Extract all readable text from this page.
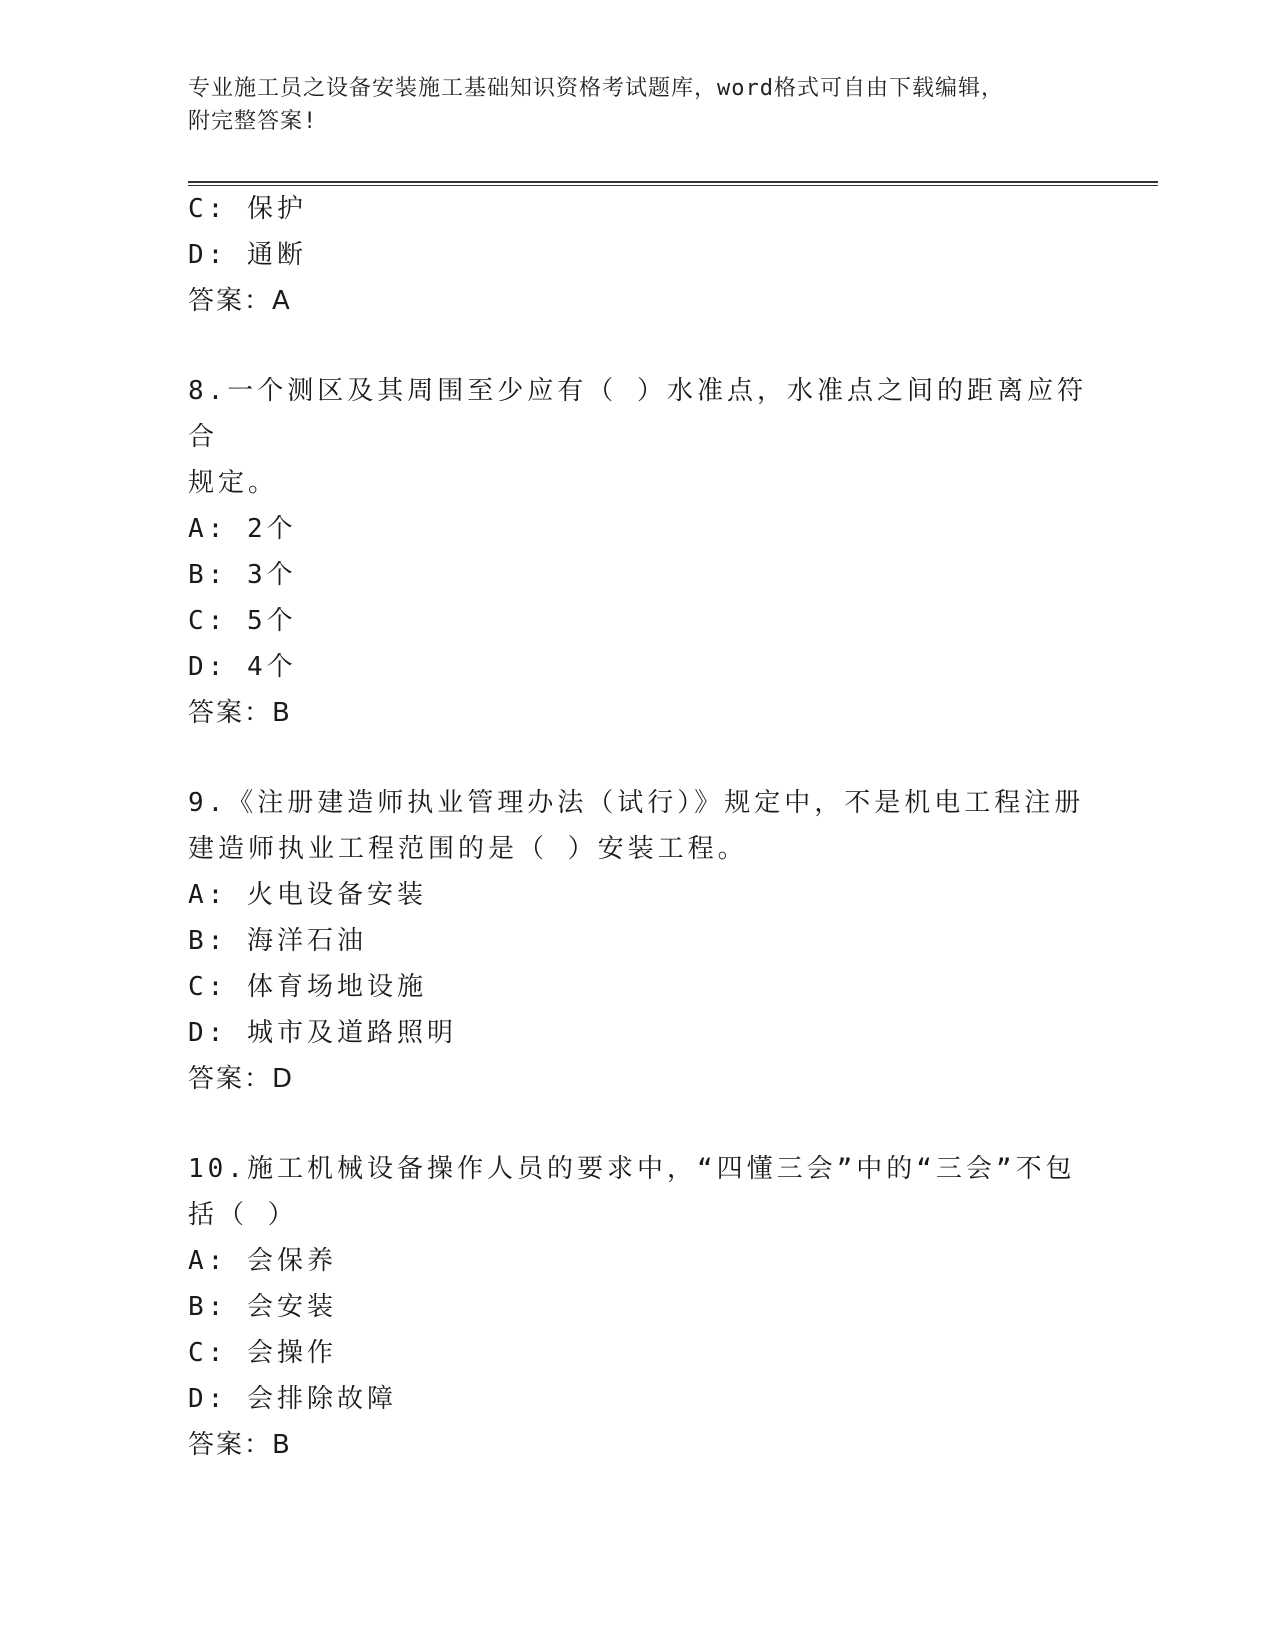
专业施工员之设备安装施工基础知识资格考试题库，word格式可自由下载编辑，
附完整答案!
C: 保护
D: 通断
答案：A
8.一个测区及其周围至少应有（ ）水准点，水准点之间的距离应符合
规定。
A: 2个
B: 3个
C: 5个
D: 4个
答案：B
9.《注册建造师执业管理办法（试行）》规定中，不是机电工程注册
建造师执业工程范围的是（ ）安装工程。
A: 火电设备安装
B: 海洋石油
C: 体育场地设施
D: 城市及道路照明
答案：D
10.施工机械设备操作人员的要求中，“四懂三会”中的“三会”不包
括（ ）
A: 会保养
B: 会安装
C: 会操作
D: 会排除故障
答案：B
